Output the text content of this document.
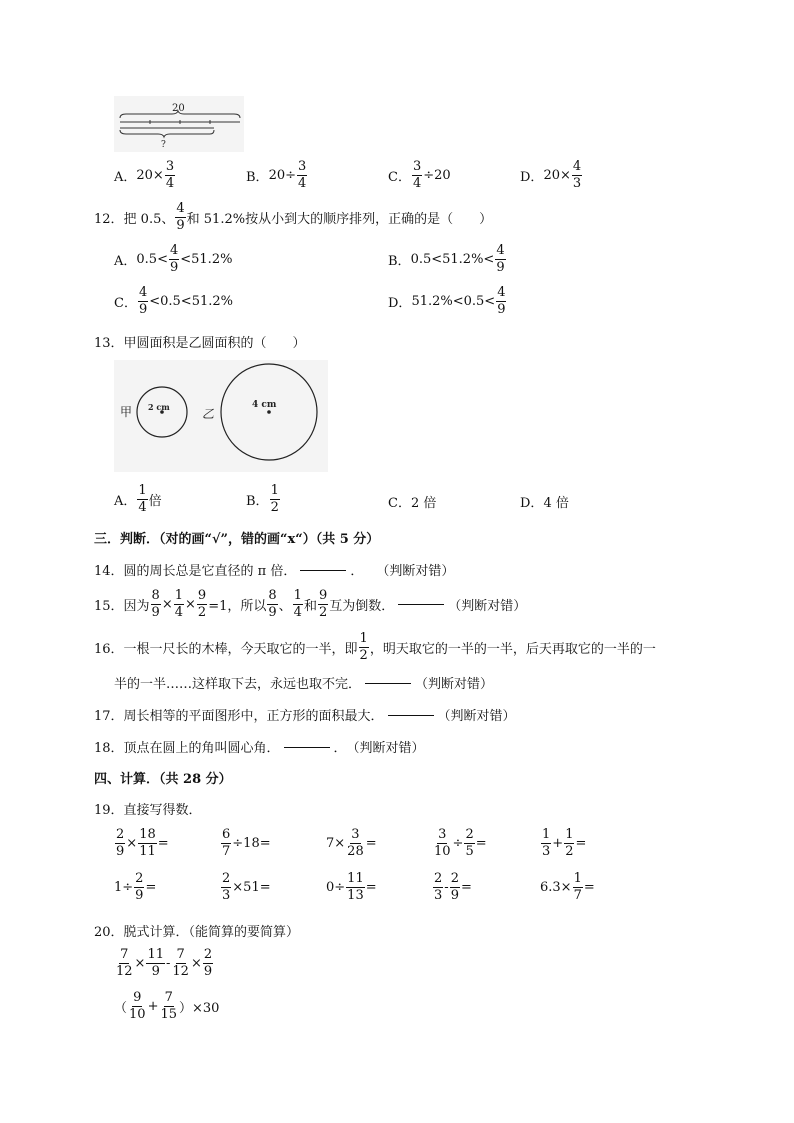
20
?
A． $20\times \frac{3}{4}$	B． $20\div \frac{3}{4}$	C． $\frac{3}{4} \div 20$	D． $20\times \frac{4}{3}$
12．把 0.5、 $\frac{4}{9}$ 和 51.2%按从小到大的顺序排列，正确的是（　　）
A． $0.5< \frac{4}{9} <51.2\%$	B． $0.5<51.2\%< \frac{4}{9}$
C． $\frac{4}{9} <0.5<51.2\%$	D． $51.2\%<0.5< \frac{4}{9}$
13．甲圆面积是乙圆面积的（　　）
甲 2 cm	乙
4 cm
A． $\frac{1}{4}$ 倍	B． $\frac{1}{2}$	C． 2 倍	D． 4 倍
三．判断．（对的画“√”，错的画“x“）（共 5 分）
14．圆的周长总是它直径的 π 倍．	．　　（判断对错）
15．因为 $\frac{8}{9} \times \frac{1}{4} \times \frac{9}{2} =1$，所以 $\frac{8}{9}$ 、 $\frac{1}{4}$ 和 $\frac{9}{2}$ 互为倒数．	（判断对错）
16．一根一尺长的木棒，今天取它的一半，即 $\frac{1}{2}$ ，明天取它的一半的一半，后天再取它的一半的一
半的一半……这样取下去，永远也取不完．	（判断对错）
17．周长相等的平面图形中，正方形的面积最大．	（判断对错）
18．顶点在圆上的角叫圆心角．	．　（判断对错）
四、计算．（共 28 分）
19．直接写得数．
$\frac{2}{9} \times \frac{18}{11}$ =	$\frac{6}{7} \div 18=$	$7\times \frac{3}{28}$ =	$\frac{3}{10} \div \frac{2}{5}$ =	$\frac{1}{3} + \frac{1}{2}$ =
$1\div \frac{2}{9}$ =	$\frac{2}{3} \times 51=$	$0\div \frac{11}{13}$ =	$\frac{2}{3} - \frac{2}{9}$ =	$6.3\times \frac{1}{7}$ =
20．脱式计算．（能简算的要简算）
$\frac{7}{12} \times \frac{11}{9} - \frac{7}{12} \times \frac{2}{9}$
（ $\frac{9}{10} + \frac{7}{15} )\times 30$
